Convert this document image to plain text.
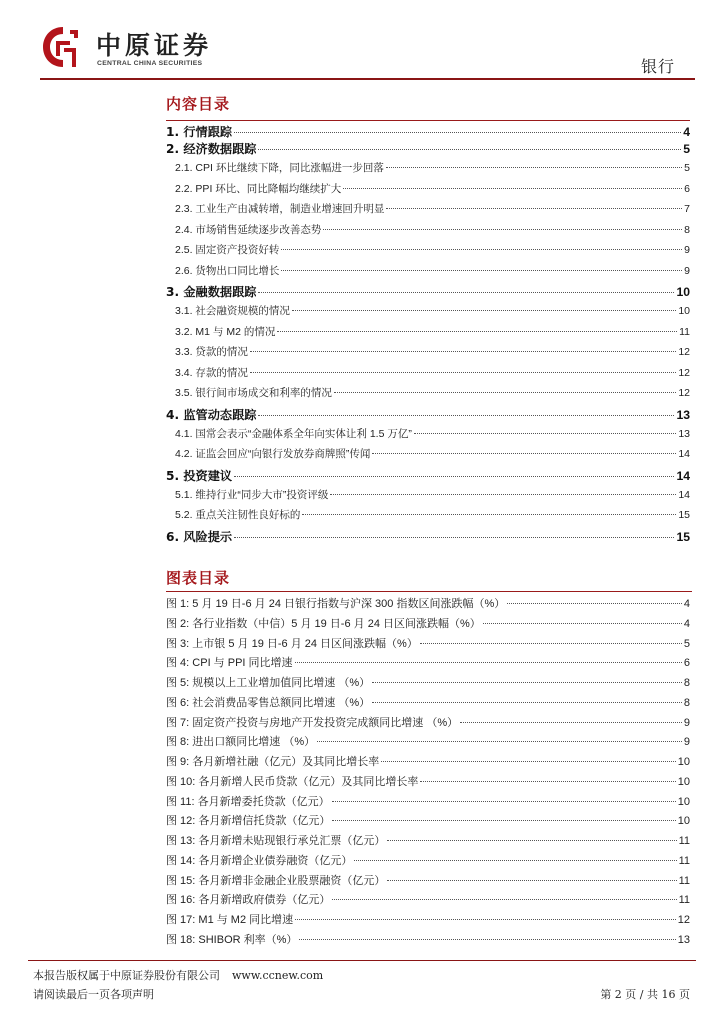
中原证券
CENTRAL CHINA SECURITIES	银行
内容目录
1. 行情跟踪	4
2. 经济数据跟踪	5
2.1. CPI 环比继续下降，同比涨幅进一步回落	5
2.2. PPI 环比、同比降幅均继续扩大	6
2.3. 工业生产由减转增，制造业增速回升明显	7
2.4. 市场销售延续逐步改善态势	8
2.5. 固定资产投资好转	9
2.6. 货物出口同比增长	9
3. 金融数据跟踪	10
3.1. 社会融资规模的情况	10
3.2. M1 与 M2 的情况	11
3.3. 贷款的情况	12
3.4. 存款的情况	12
3.5. 银行间市场成交和利率的情况	12
4. 监管动态跟踪	13
4.1. 国常会表示“金融体系全年向实体让利 1.5 万亿”	13
4.2. 证监会回应“向银行发放券商牌照”传闻	14
5. 投资建议	14
5.1. 维持行业“同步大市”投资评级	14
5.2. 重点关注韧性良好标的	15
6. 风险提示	15
图表目录
图 1: 5 月 19 日-6 月 24 日银行指数与沪深 300 指数区间涨跌幅（%）	4
图 2: 各行业指数（中信）5 月 19 日-6 月 24 日区间涨跌幅（%）	4
图 3: 上市银 5 月 19 日-6 月 24 日区间涨跌幅（%）	5
图 4: CPI 与 PPI 同比增速	6
图 5: 规模以上工业增加值同比增速 （%）	8
图 6: 社会消费品零售总额同比增速 （%）	8
图 7: 固定资产投资与房地产开发投资完成额同比增速 （%）	9
图 8: 进出口额同比增速 （%）	9
图 9: 各月新增社融（亿元）及其同比增长率	10
图 10: 各月新增人民币贷款（亿元）及其同比增长率	10
图 11: 各月新增委托贷款（亿元）	10
图 12: 各月新增信托贷款（亿元）	10
图 13: 各月新增未贴现银行承兑汇票（亿元）	11
图 14: 各月新增企业债券融资（亿元）	11
图 15: 各月新增非金融企业股票融资（亿元）	11
图 16: 各月新增政府债券（亿元）	11
图 17: M1 与 M2 同比增速	12
图 18: SHIBOR 利率（%）	13
本报告版权属于中原证券股份有限公司 www.ccnew.com
请阅读最后一页各项声明	第 2 页 / 共 16 页
